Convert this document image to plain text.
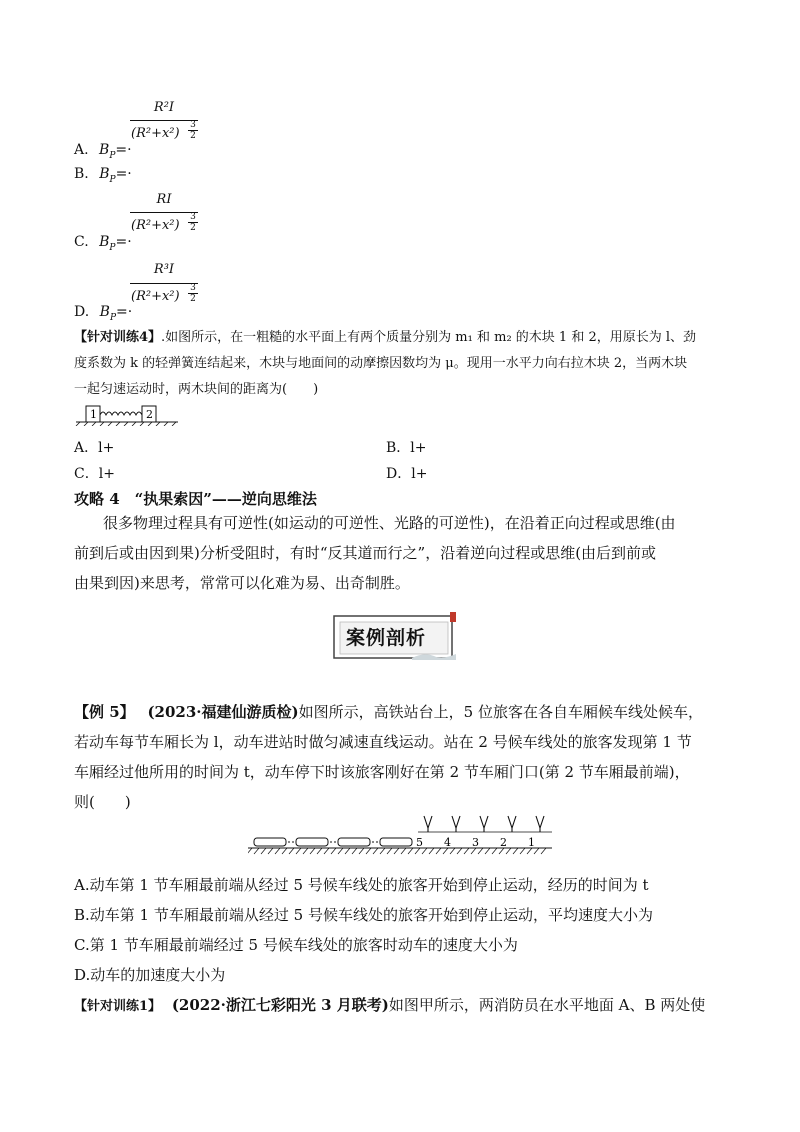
R²I
(R²+x²)
3
2
A. $B_P=\cdot$
B. $B_P=\cdot$
RI
(R²+x²)
3
2
C. $B_P=\cdot$
R³I
(R²+x²)
3
2
D. $B_P=\cdot$
【针对训练4】.如图所示，在一粗糙的水平面上有两个质量分别为 m₁ 和 m₂ 的木块 1 和 2，用原长为 l、劲
度系数为 k 的轻弹簧连结起来，木块与地面间的动摩擦因数均为 μ。现用一水平力向右拉木块 2，当两木块
一起匀速运动时，两木块间的距离为(　　)
1	2
A．l+	B．l+
C．l+	D．l+
攻略 4　“执果索因”——逆向思维法
很多物理过程具有可逆性(如运动的可逆性、光路的可逆性)，在沿着正向过程或思维(由
前到后或由因到果)分析受阻时，有时“反其道而行之”，沿着逆向过程或思维(由后到前或
由果到因)来思考，常常可以化难为易、出奇制胜。
案例剖析
【例 5】 (2023·福建仙游质检)如图所示，高铁站台上，5 位旅客在各自车厢候车线处候车，
若动车每节车厢长为 l，动车进站时做匀减速直线运动。站在 2 号候车线处的旅客发现第 1 节
车厢经过他所用的时间为 t，动车停下时该旅客刚好在第 2 节车厢门口(第 2 节车厢最前端)，
则(　　)
5 4 3 2 1
A.动车第 1 节车厢最前端从经过 5 号候车线处的旅客开始到停止运动，经历的时间为 t
B.动车第 1 节车厢最前端从经过 5 号候车线处的旅客开始到停止运动，平均速度大小为
C.第 1 节车厢最前端经过 5 号候车线处的旅客时动车的速度大小为
D.动车的加速度大小为
【针对训练1】 (2022·浙江七彩阳光 3 月联考)如图甲所示，两消防员在水平地面 A、B 两处使
